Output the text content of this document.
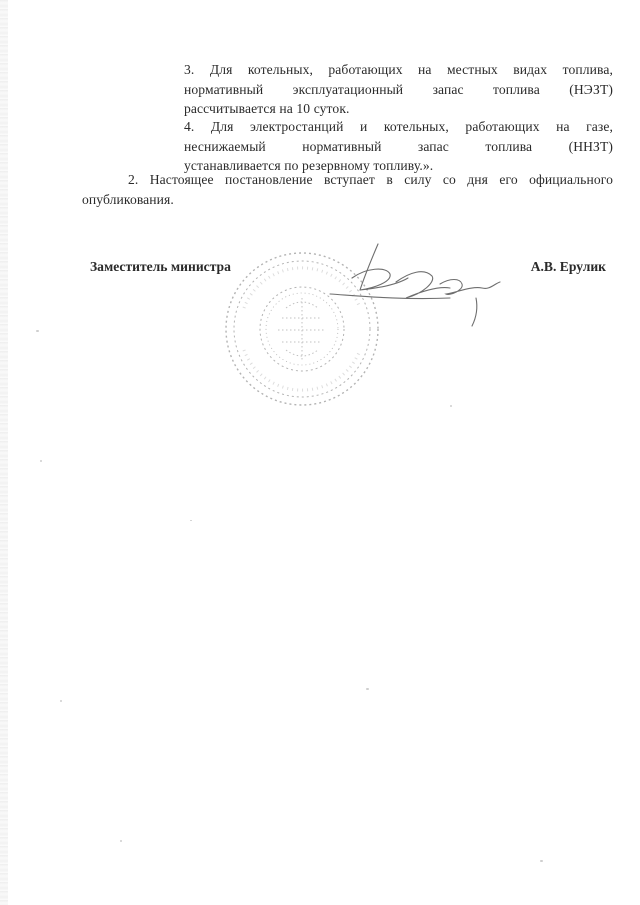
3. Для котельных, работающих на местных видах топлива,
нормативный эксплуатационный запас топлива (НЭЗТ)
рассчитывается на 10 суток.
4. Для электростанций и котельных, работающих на газе,
неснижаемый нормативный запас топлива (ННЗТ)
устанавливается по резервному топливу.».
2. Настоящее постановление вступает в силу со дня его официального
опубликования.
Заместитель министра	А.В. Ерулик
